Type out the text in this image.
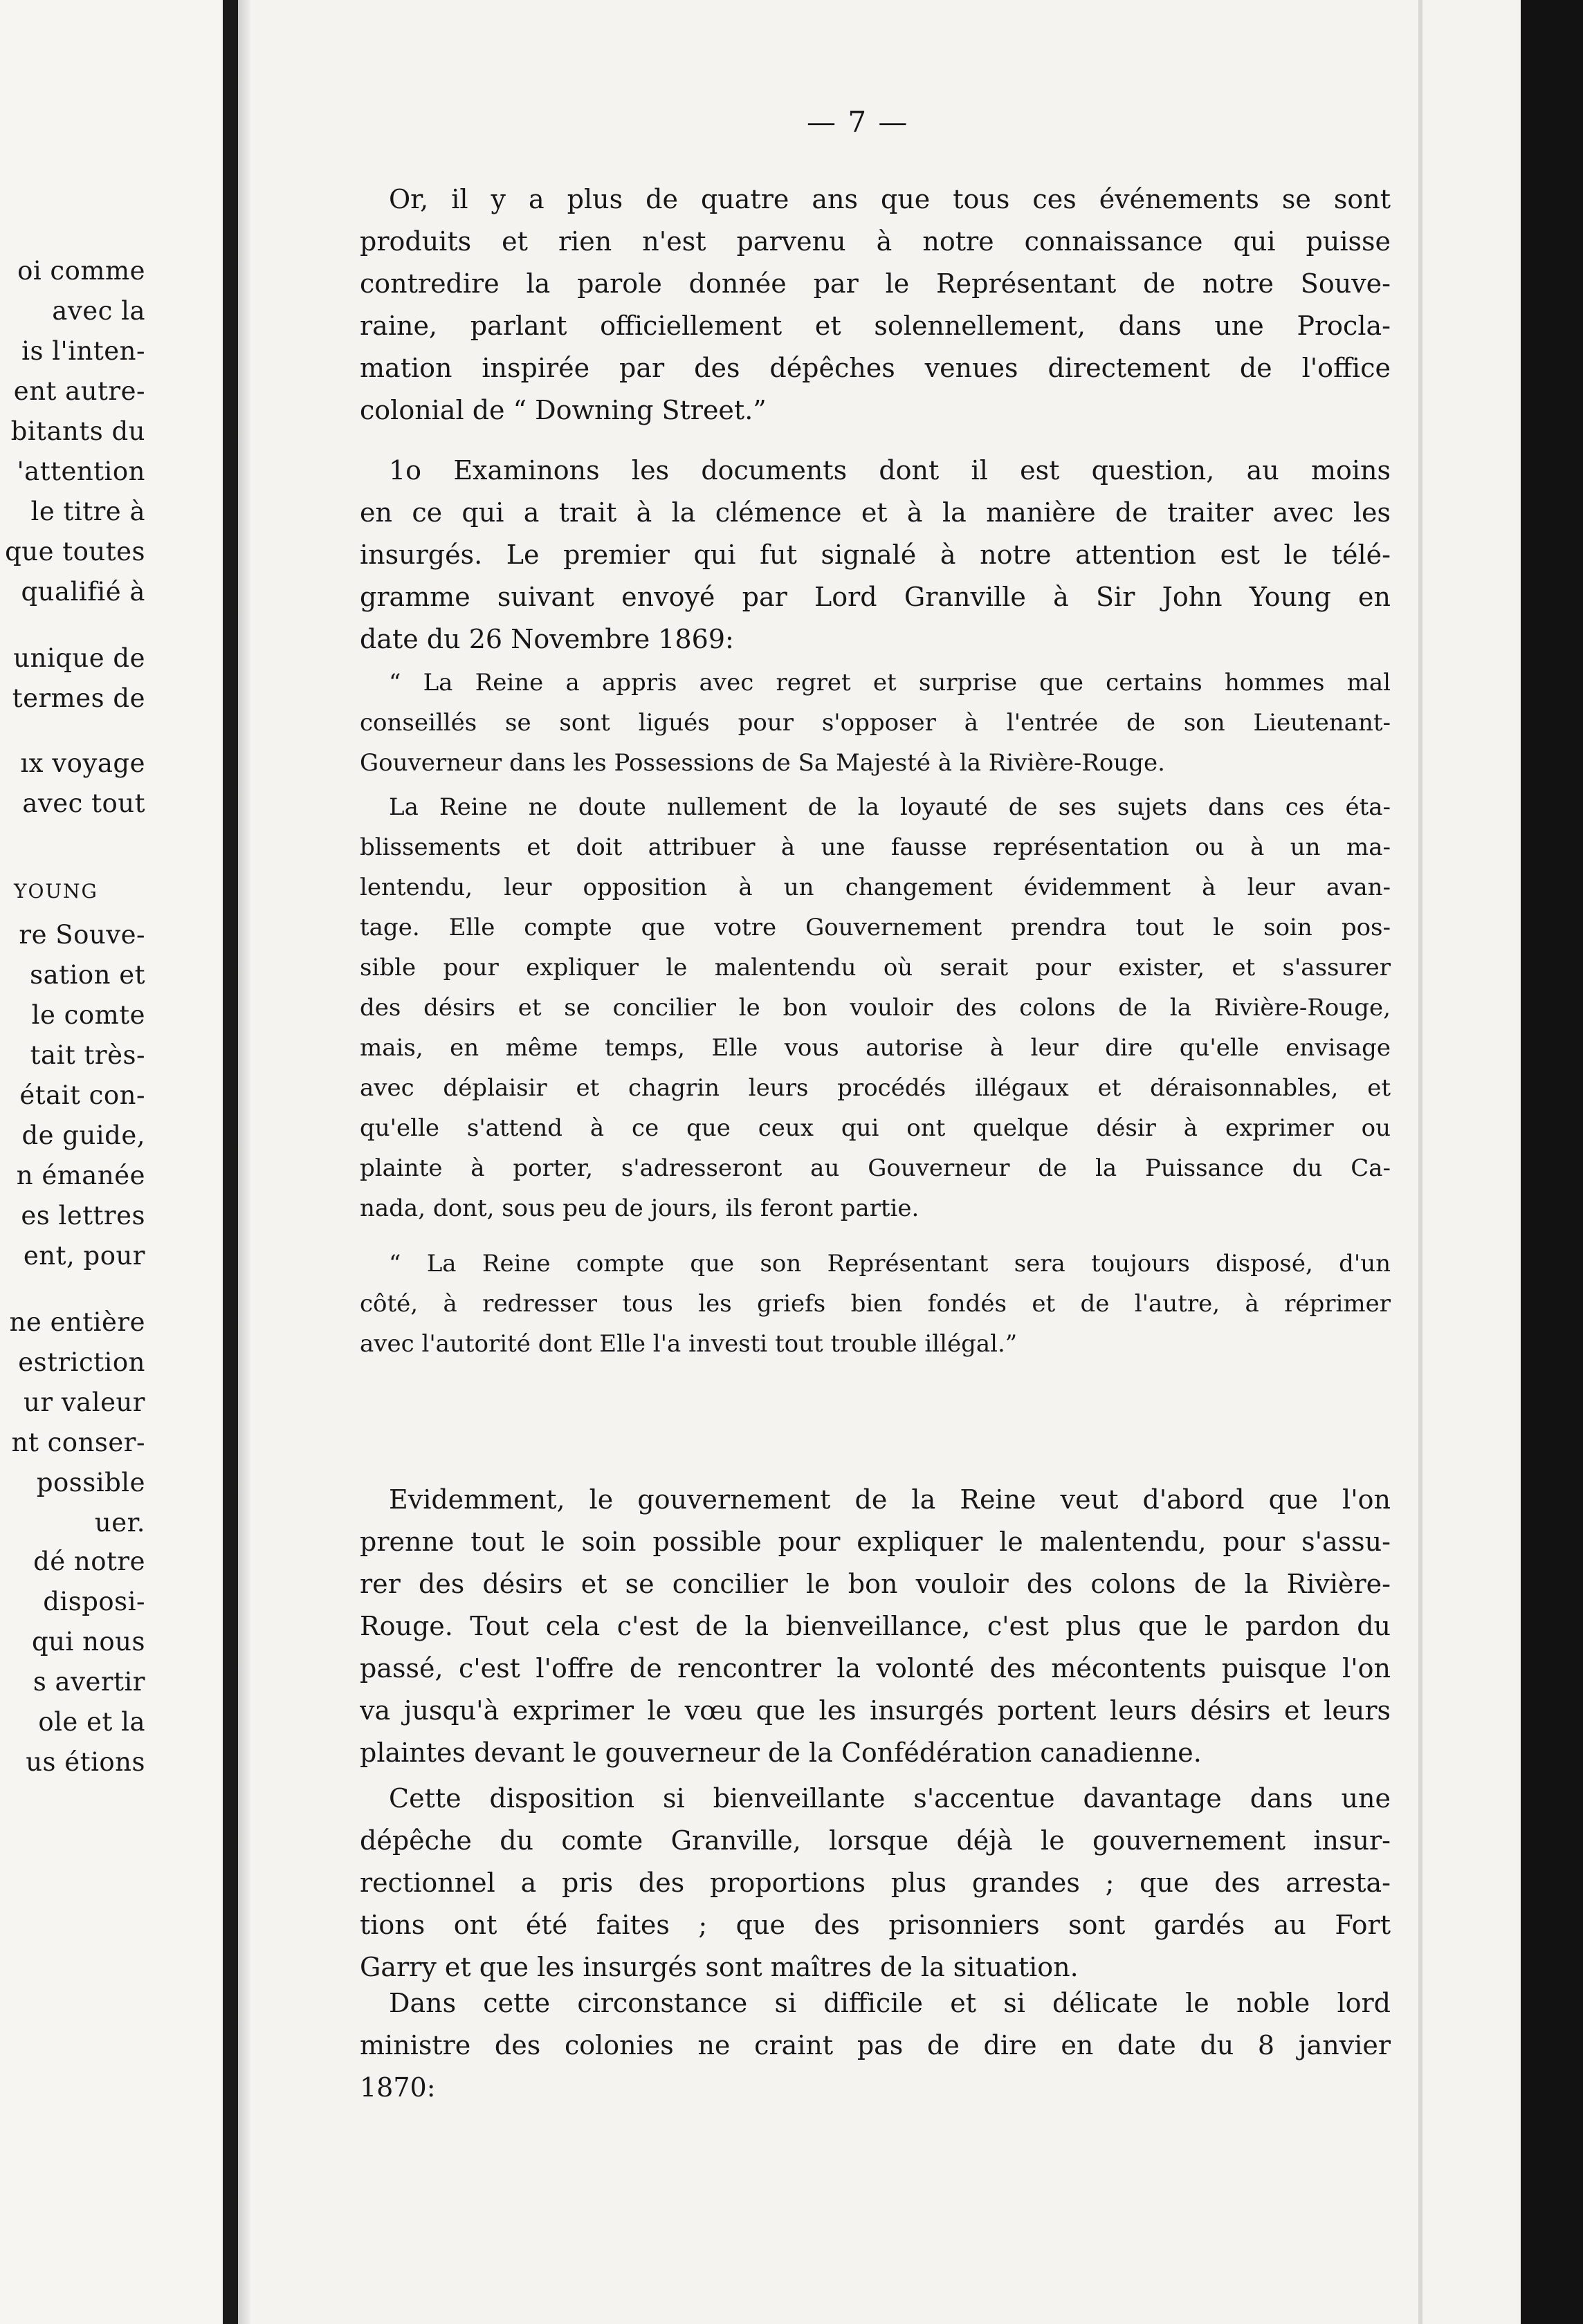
oi comme
avec la
is l'inten-
ent autre-
bitants du
'attention
le titre à
que toutes
qualifié à
unique de
termes de
ıx voyage
avec tout
YOUNG
re Souve-
sation et
le comte
tait très-
était con-
de guide,
n émanée
es lettres
ent, pour
ne entière
estriction
ur valeur
nt conser-
possible
uer.
dé notre
disposi-
qui nous
s avertir
ole et la
us étions
— 7 —
Or, il y a plus de quatre ans que tous ces événements se sont
produits et rien n'est parvenu à notre connaissance qui puisse
contredire la parole donnée par le Représentant de notre Souve-
raine, parlant officiellement et solennellement, dans une Procla-
mation inspirée par des dépêches venues directement de l'office
colonial de “ Downing Street.”
1o Examinons les documents dont il est question, au moins
en ce qui a trait à la clémence et à la manière de traiter avec les
insurgés. Le premier qui fut signalé à notre attention est le télé-
gramme suivant envoyé par Lord Granville à Sir John Young en
date du 26 Novembre 1869:
“ La Reine a appris avec regret et surprise que certains hommes mal
conseillés se sont ligués pour s'opposer à l'entrée de son Lieutenant-
Gouverneur dans les Possessions de Sa Majesté à la Rivière-Rouge.
La Reine ne doute nullement de la loyauté de ses sujets dans ces éta-
blissements et doit attribuer à une fausse représentation ou à un ma-
lentendu, leur opposition à un changement évidemment à leur avan-
tage. Elle compte que votre Gouvernement prendra tout le soin pos-
sible pour expliquer le malentendu où serait pour exister, et s'assurer
des désirs et se concilier le bon vouloir des colons de la Rivière-Rouge,
mais, en même temps, Elle vous autorise à leur dire qu'elle envisage
avec déplaisir et chagrin leurs procédés illégaux et déraisonnables, et
qu'elle s'attend à ce que ceux qui ont quelque désir à exprimer ou
plainte à porter, s'adresseront au Gouverneur de la Puissance du Ca-
nada, dont, sous peu de jours, ils feront partie.
“ La Reine compte que son Représentant sera toujours disposé, d'un
côté, à redresser tous les griefs bien fondés et de l'autre, à réprimer
avec l'autorité dont Elle l'a investi tout trouble illégal.”
Evidemment, le gouvernement de la Reine veut d'abord que l'on
prenne tout le soin possible pour expliquer le malentendu, pour s'assu-
rer des désirs et se concilier le bon vouloir des colons de la Rivière-
Rouge. Tout cela c'est de la bienveillance, c'est plus que le pardon du
passé, c'est l'offre de rencontrer la volonté des mécontents puisque l'on
va jusqu'à exprimer le vœu que les insurgés portent leurs désirs et leurs
plaintes devant le gouverneur de la Confédération canadienne.
Cette disposition si bienveillante s'accentue davantage dans une
dépêche du comte Granville, lorsque déjà le gouvernement insur-
rectionnel a pris des proportions plus grandes ; que des arresta-
tions ont été faites ; que des prisonniers sont gardés au Fort
Garry et que les insurgés sont maîtres de la situation.
Dans cette circonstance si difficile et si délicate le noble lord
ministre des colonies ne craint pas de dire en date du 8 janvier
1870:
